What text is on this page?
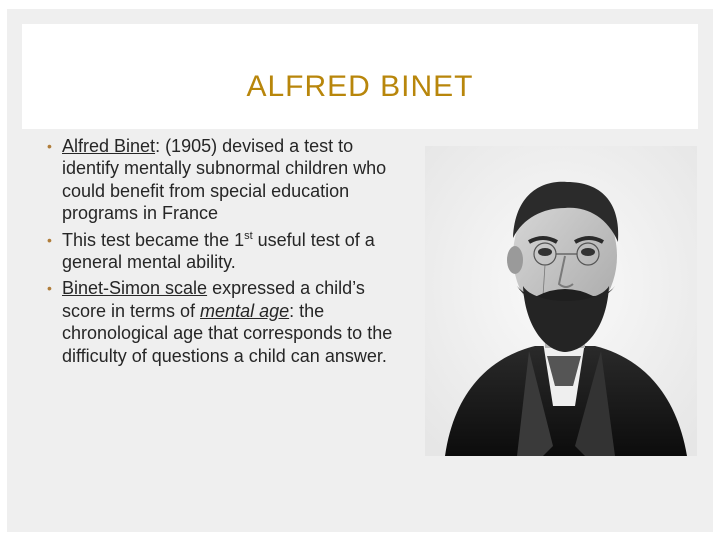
ALFRED BINET
• Alfred Binet: (1905) devised a test to identify mentally subnormal children who could benefit from special education programs in France
• This test became the 1st useful test of a general mental ability.
• Binet-Simon scale expressed a child’s score in terms of mental age: the chronological age that corresponds to the difficulty of questions a child can answer.
